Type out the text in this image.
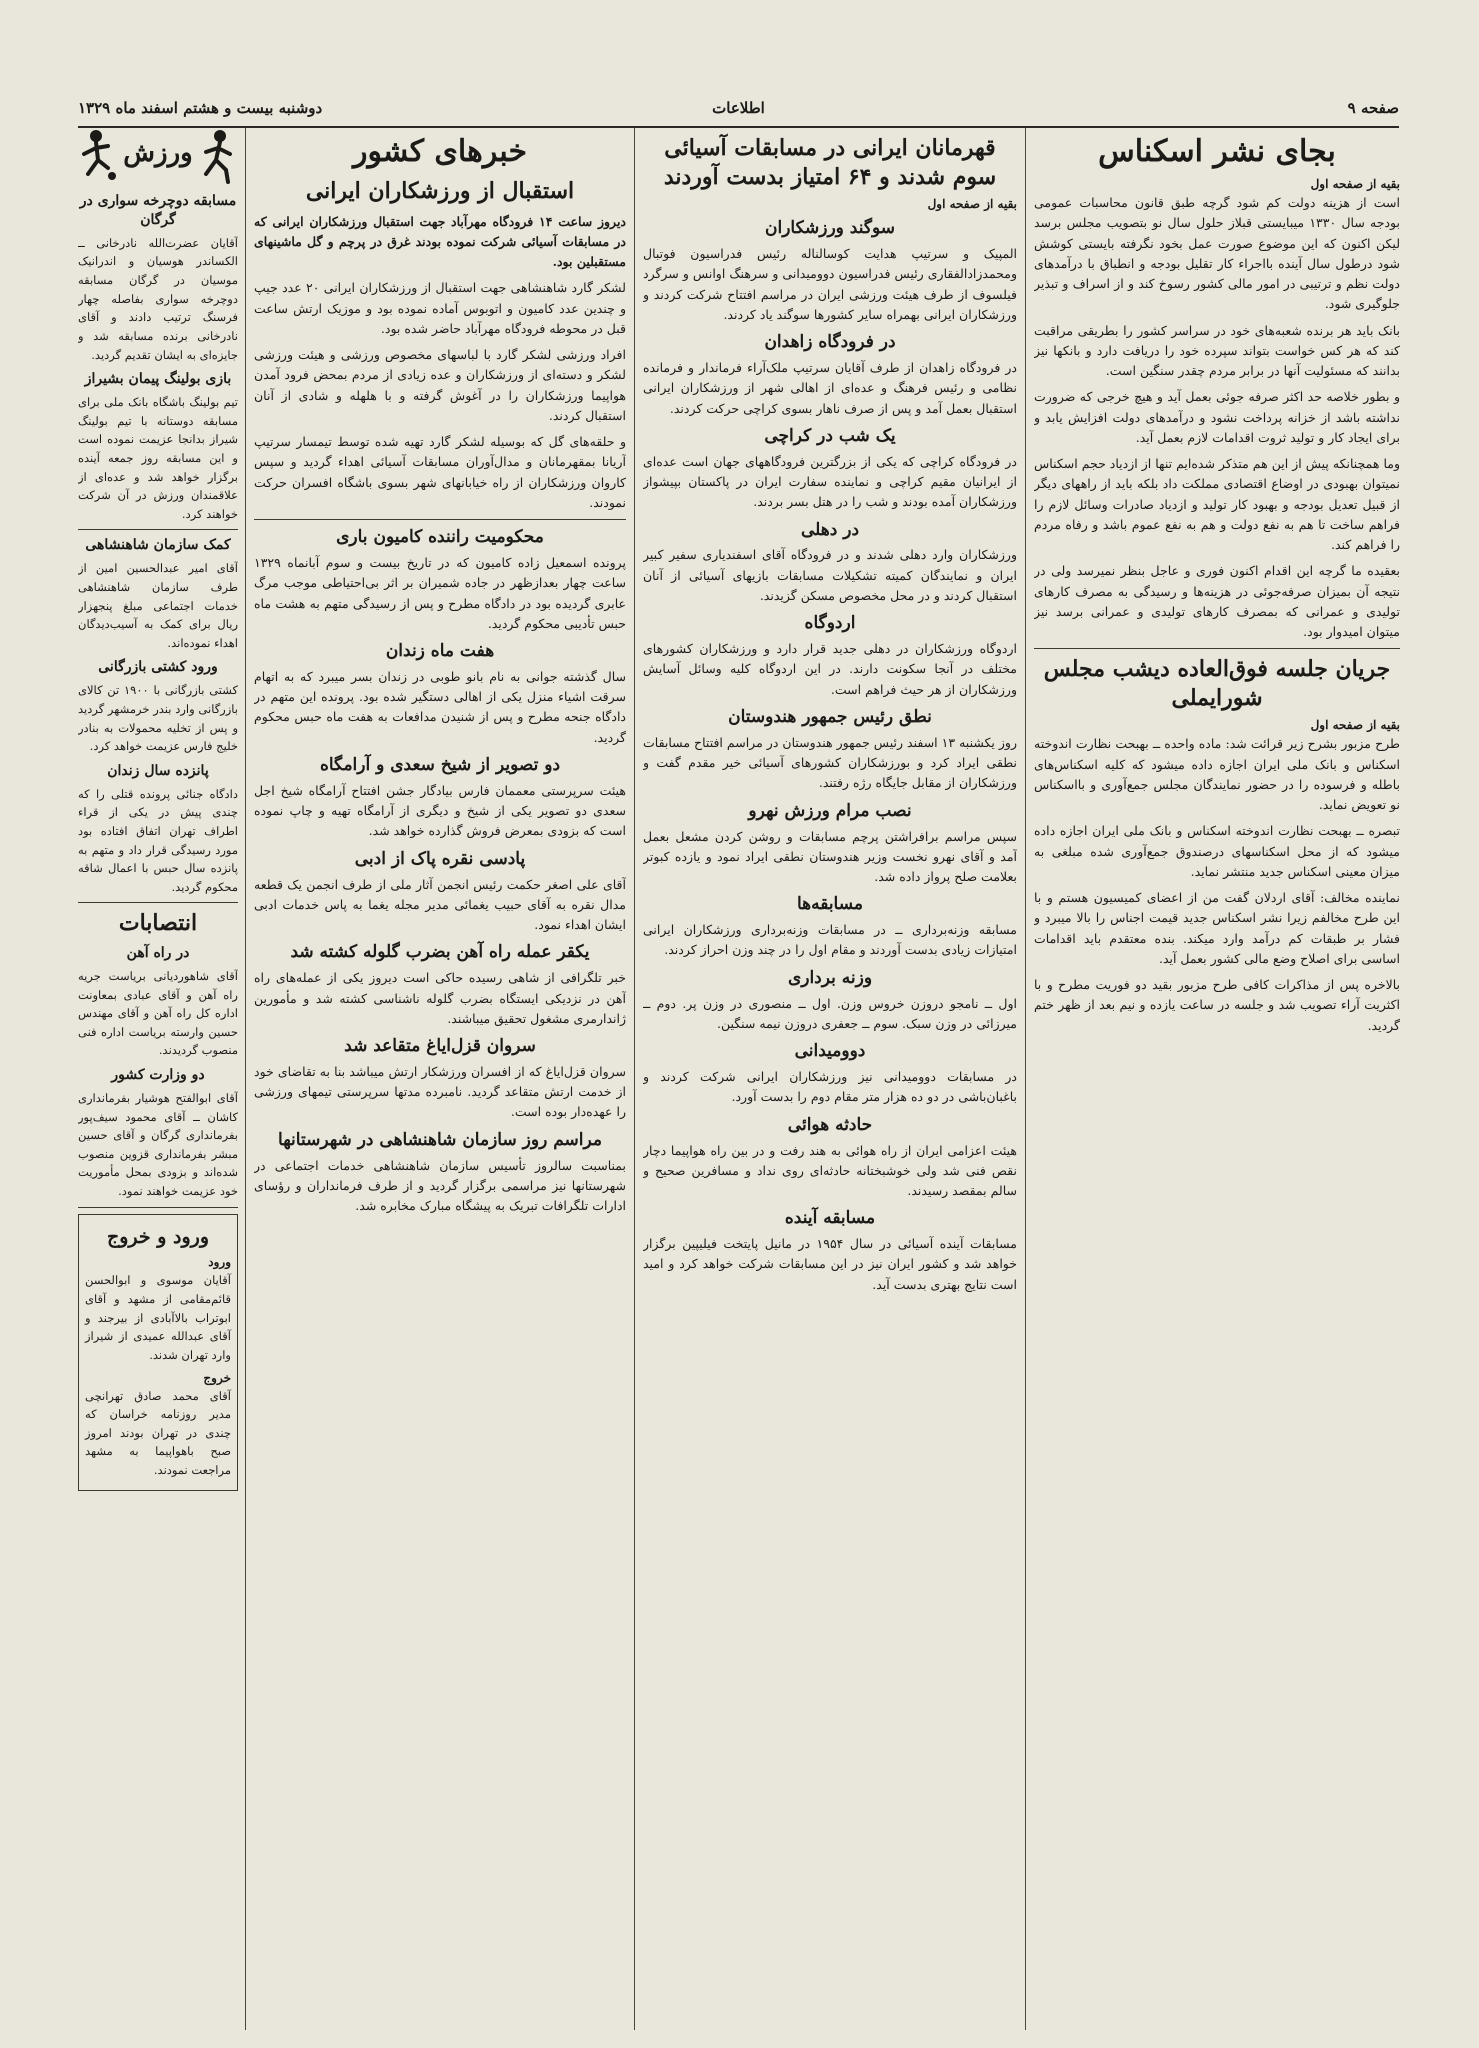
صفحه ۹
اطلاعات
دوشنبه بیست و هشتم اسفند ماه ۱۳۲۹
بجای نشر اسکناس
بقیه از صفحه اول

است از هزینه دولت کم شود گرچه طبق قانون محاسبات عمومی بودجه سال ۱۳۳۰ میبایستی قبلاز حلول سال نو بتصویب مجلس برسد لیکن اکنون که این موضوع صورت عمل بخود نگرفته بایستی کوشش شود درطول سال آینده بااجراء کار تقلیل بودجه و انطباق با درآمدهای دولت نظم و ترتیبی در امور مالی کشور رسوخ کند و از اسراف و تبذیر جلوگیری شود.

بانک باید هر برنده شعبه‌های خود در سراسر کشور را بطریقی مراقبت کند که هر کس خواست بتواند سپرده خود را دریافت دارد و بانکها نیز بدانند که مسئولیت آنها در برابر مردم چقدر سنگین است.

و بطور خلاصه حد اکثر صرفه جوئی بعمل آید و هیچ خرجی که ضرورت نداشته باشد از خزانه پرداخت نشود و درآمدهای دولت افزایش یابد و برای ایجاد کار و تولید ثروت اقدامات لازم بعمل آید.

وما همچنانکه پیش از این هم متذکر شده‌ایم تنها از ازدیاد حجم اسکناس نمیتوان بهبودی در اوضاع اقتصادی مملکت داد بلکه باید از راههای دیگر از قبیل تعدیل بودجه و بهبود کار تولید و ازدیاد صادرات وسائل لازم را فراهم ساخت تا هم به نفع دولت و هم به نفع عموم باشد و رفاه مردم را فراهم کند.

بعقیده ما گرچه این اقدام اکنون فوری و عاجل بنظر نمیرسد ولی در نتیجه آن بمیزان صرفه‌جوئی در هزینه‌ها و رسیدگی به مصرف کارهای تولیدی و عمرانی که بمصرف کارهای تولیدی و عمرانی برسد نیز میتوان امیدوار بود.

جریان جلسه فوق‌العاده دیشب مجلس شورایملی
بقیه از صفحه اول

طرح مزبور بشرح زیر قرائت شد: ماده واحده ــ بهبحت نظارت اندوخته اسکناس و بانک ملی ایران اجازه داده میشود که کلیه اسکناس‌های باطله و فرسوده را در حضور نمایندگان مجلس جمع‌آوری و بااسکناس نو تعویض نماید.

تبصره ــ بهبحت نظارت اندوخته اسکناس و بانک ملی ایران اجازه داده میشود که از محل اسکناسهای درصندوق جمع‌آوری شده مبلغی به میزان معینی اسکناس جدید منتشر نماید.

نماینده مخالف: آقای اردلان گفت من از اعضای کمیسیون هستم و با این طرح مخالفم زیرا نشر اسکناس جدید قیمت اجناس را بالا میبرد و فشار بر طبقات کم درآمد وارد میکند. بنده معتقدم باید اقدامات اساسی برای اصلاح وضع مالی کشور بعمل آید.

بالاخره پس از مذاکرات کافی طرح مزبور بقید دو فوریت مطرح و با اکثریت آراء تصویب شد و جلسه در ساعت یازده و نیم بعد از ظهر ختم گردید.

قهرمانان ایرانی در مسابقات آسیائی سوم شدند و ۶۴ امتیاز بدست آوردند
بقیه از صفحه اول
سوگند ورزشکاران

المپیک و سرتیپ هدایت کوسالناله رئیس فدراسیون فوتبال ومحمدزادالفقاری رئیس فدراسیون دوومیدانی و سرهنگ اوانس و سرگرد فیلسوف از طرف هیئت ورزشی ایران در مراسم افتتاح شرکت کردند و ورزشکاران ایرانی بهمراه سایر کشورها سوگند یاد کردند.

در فرودگاه زاهدان

در فرودگاه زاهدان از طرف آقایان سرتیپ ملک‌آراء فرماندار و فرمانده نظامی و رئیس فرهنگ و عده‌ای از اهالی شهر از ورزشکاران ایرانی استقبال بعمل آمد و پس از صرف ناهار بسوی کراچی حرکت کردند.

یک شب در کراچی

در فرودگاه کراچی که یکی از بزرگترین فرودگاههای جهان است عده‌ای از ایرانیان مقیم کراچی و نماینده سفارت ایران در پاکستان بپیشواز ورزشکاران آمده بودند و شب را در هتل بسر بردند.

در دهلی

ورزشکاران وارد دهلی شدند و در فرودگاه آقای اسفندیاری سفیر کبیر ایران و نمایندگان کمیته تشکیلات مسابقات بازیهای آسیائی از آنان استقبال کردند و در محل مخصوص مسکن گزیدند.

اردوگاه

اردوگاه ورزشکاران در دهلی جدید قرار دارد و ورزشکاران کشورهای مختلف در آنجا سکونت دارند. در این اردوگاه کلیه وسائل آسایش ورزشکاران از هر حیث فراهم است.

نطق رئیس جمهور هندوستان

روز یکشنبه ۱۳ اسفند رئیس جمهور هندوستان در مراسم افتتاح مسابقات نطقی ایراد کرد و بورزشکاران کشورهای آسیائی خیر مقدم گفت و ورزشکاران از مقابل جایگاه رژه رفتند.

نصب مرام ورزش نهرو

سپس مراسم برافراشتن پرچم مسابقات و روشن کردن مشعل بعمل آمد و آقای نهرو نخست وزیر هندوستان نطقی ایراد نمود و یازده کبوتر بعلامت صلح پرواز داده شد.

مسابقه‌ها

مسابقه وزنه‌برداری ــ در مسابقات وزنه‌برداری ورزشکاران ایرانی امتیازات زیادی بدست آوردند و مقام اول را در چند وزن احراز کردند.

وزنه برداری

اول ــ نامجو دروزن خروس وزن. اول ــ منصوری در وزن پر. دوم ــ میرزائی در وزن سبک. سوم ــ جعفری دروزن نیمه سنگین.

دوومیدانی

در مسابقات دوومیدانی نیز ورزشکاران ایرانی شرکت کردند و باغبان‌باشی در دو ده هزار متر مقام دوم را بدست آورد.

حادثه هوائی

هیئت اعزامی ایران از راه هوائی به هند رفت و در بین راه هواپیما دچار نقص فنی شد ولی خوشبختانه حادثه‌ای روی نداد و مسافرین صحیح و سالم بمقصد رسیدند.

مسابقه آینده

مسابقات آینده آسیائی در سال ۱۹۵۴ در مانیل پایتخت فیلیپین برگزار خواهد شد و کشور ایران نیز در این مسابقات شرکت خواهد کرد و امید است نتایج بهتری بدست آید.

خبرهای کشور
استقبال از ورزشکاران ایرانی

دیروز ساعت ۱۴ فرودگاه مهرآباد جهت استقبال ورزشکاران ایرانی که در مسابقات آسیائی شرکت نموده بودند غرق در پرچم و گل ماشینهای مستقبلین بود.

لشکر گارد شاهنشاهی جهت استقبال از ورزشکاران ایرانی ۲۰ عدد جیپ و چندین عدد کامیون و اتوبوس آماده نموده بود و موزیک ارتش ساعت قبل در محوطه فرودگاه مهرآباد حاضر شده بود.

افراد ورزشی لشکر گارد با لباسهای مخصوص ورزشی و هیئت ورزشی لشکر و دسته‌ای از ورزشکاران و عده زیادی از مردم بمحض فرود آمدن هواپیما ورزشکاران را در آغوش گرفته و با هلهله و شادی از آنان استقبال کردند.

و حلقه‌های گل که بوسیله لشکر گارد تهیه شده توسط تیمسار سرتیپ آریانا بمقهرمانان و مدال‌آوران مسابقات آسیائی اهداء گردید و سپس کاروان ورزشکاران از راه خیابانهای شهر بسوی باشگاه افسران حرکت نمودند.

محکومیت راننده کامیون باری

پرونده اسمعیل زاده کامیون که در تاریخ بیست و سوم آبانماه ۱۳۲۹ ساعت چهار بعدازظهر در جاده شمیران بر اثر بی‌احتیاطی موجب مرگ عابری گردیده بود در دادگاه مطرح و پس از رسیدگی متهم به هشت ماه حبس تأدیبی محکوم گردید.

هفت ماه زندان

سال گذشته جوانی به نام بانو طوبی در زندان بسر میبرد که به اتهام سرقت اشیاء منزل یکی از اهالی دستگیر شده بود. پرونده این متهم در دادگاه جنحه مطرح و پس از شنیدن مدافعات به هفت ماه حبس محکوم گردید.

دو تصویر از شیخ سعدی و آرامگاه

هیئت سرپرستی معممان فارس بیادگار جشن افتتاح آرامگاه شیخ اجل سعدی دو تصویر یکی از شیخ و دیگری از آرامگاه تهیه و چاپ نموده است که بزودی بمعرض فروش گذارده خواهد شد.

پادسی نقره پاک از ادبی

آقای علی اصغر حکمت رئیس انجمن آثار ملی از طرف انجمن یک قطعه مدال نقره به آقای حبیب یغمائی مدیر مجله یغما به پاس خدمات ادبی ایشان اهداء نمود.

یکقر عمله راه آهن بضرب گلوله کشته شد

خبر تلگرافی از شاهی رسیده حاکی است دیروز یکی از عمله‌های راه آهن در نزدیکی ایستگاه بضرب گلوله ناشناسی کشته شد و مأمورین ژاندارمری مشغول تحقیق میباشند.

سروان قزل‌ایاغ متقاعد شد

سروان قزل‌ایاغ که از افسران ورزشکار ارتش میباشد بنا به تقاضای خود از خدمت ارتش متقاعد گردید. نامبرده مدتها سرپرستی تیمهای ورزشی را عهده‌دار بوده است.

مراسم روز سازمان شاهنشاهی در شهرستانها

بمناسبت سالروز تأسیس سازمان شاهنشاهی خدمات اجتماعی در شهرستانها نیز مراسمی برگزار گردید و از طرف فرمانداران و رؤسای ادارات تلگرافات تبریک به پیشگاه مبارک مخابره شد.

ورزش
مسابقه دوچرخه سواری در گرگان

آقایان عضرت‌الله نادرخانی ــ الکساندر هوسیان و اندرانیک موسیان در گرگان مسابقه دوچرخه سواری بفاصله چهار فرسنگ ترتیب دادند و آقای نادرخانی برنده مسابقه شد و جایزه‌ای به ایشان تقدیم گردید.

بازی بولینگ پیمان بشیراز

تیم بولینگ باشگاه بانک ملی برای مسابقه دوستانه با تیم بولینگ شیراز بدانجا عزیمت نموده است و این مسابقه روز جمعه آینده برگزار خواهد شد و عده‌ای از علاقمندان ورزش در آن شرکت خواهند کرد.

کمک سازمان شاهنشاهی

آقای امیر عبدالحسین امین از طرف سازمان شاهنشاهی خدمات اجتماعی مبلغ پنجهزار ریال برای کمک به آسیب‌دیدگان اهداء نموده‌اند.

ورود کشتی بازرگانی

کشتی بازرگانی با ۱۹۰۰ تن کالای بازرگانی وارد بندر خرمشهر گردید و پس از تخلیه محمولات به بنادر خلیج فارس عزیمت خواهد کرد.

پانزده سال زندان

دادگاه جنائی پرونده قتلی را که چندی پیش در یکی از قراء اطراف تهران اتفاق افتاده بود مورد رسیدگی قرار داد و متهم به پانزده سال حبس با اعمال شاقه محکوم گردید.

انتصابات
در راه آهن

آقای شاهوردیانی بریاست جریه راه آهن و آقای عبادی بمعاونت اداره کل راه آهن و آقای مهندس حسین وارسته بریاست اداره فنی منصوب گردیدند.

دو وزارت کشور

آقای ابوالفتح هوشیار بفرمانداری کاشان ــ آقای محمود سیف‌پور بفرمانداری گرگان و آقای حسین مبشر بفرمانداری قزوین منصوب شده‌اند و بزودی بمحل مأموریت خود عزیمت خواهند نمود.

ورود و خروج
ورود

آقایان موسوی و ابوالحسن قائم‌مقامی از مشهد و آقای ابوتراب بالا‌آبادی از بیرجند و آقای عبدالله عمیدی از شیراز وارد تهران شدند.

خروج

آقای محمد صادق تهرانچی مدیر روزنامه خراسان که چندی در تهران بودند امروز صبح باهواپیما به مشهد مراجعت نمودند.
